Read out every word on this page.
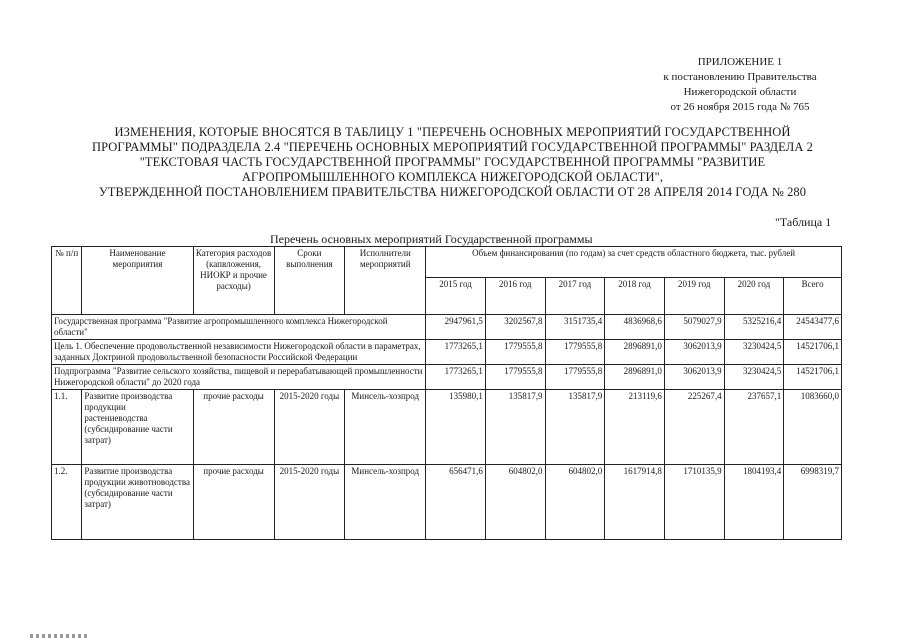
ПРИЛОЖЕНИЕ 1
к постановлению Правительства
Нижегородской области
от 26 ноября 2015 года № 765
ИЗМЕНЕНИЯ, КОТОРЫЕ ВНОСЯТСЯ В ТАБЛИЦУ 1 "ПЕРЕЧЕНЬ ОСНОВНЫХ МЕРОПРИЯТИЙ ГОСУДАРСТВЕННОЙ
ПРОГРАММЫ" ПОДРАЗДЕЛА 2.4 "ПЕРЕЧЕНЬ ОСНОВНЫХ МЕРОПРИЯТИЙ ГОСУДАРСТВЕННОЙ ПРОГРАММЫ" РАЗДЕЛА 2
"ТЕКСТОВАЯ ЧАСТЬ ГОСУДАРСТВЕННОЙ ПРОГРАММЫ" ГОСУДАРСТВЕННОЙ ПРОГРАММЫ "РАЗВИТИЕ
АГРОПРОМЫШЛЕННОГО КОМПЛЕКСА НИЖЕГОРОДСКОЙ ОБЛАСТИ",
УТВЕРЖДЕННОЙ ПОСТАНОВЛЕНИЕМ ПРАВИТЕЛЬСТВА НИЖЕГОРОДСКОЙ ОБЛАСТИ ОТ 28 АПРЕЛЯ 2014 ГОДА № 280
"Таблица 1
Перечень основных мероприятий Государственной программы
№ п/п	Наименование мероприятия	Категория расходов (капвложения, НИОКР и прочие расходы)	Сроки выполнения	Исполнители мероприятий	Объем финансирования (по годам) за счет средств областного бюджета, тыс. рублей						
					2015 год	2016 год	2017 год	2018 год	2019 год	2020 год	Всего
Государственная программа "Развитие агропромышленного комплекса Нижегородской области"					2947961,5	3202567,8	3151735,4	4836968,6	5079027,9	5325216,4	24543477,6
Цель 1. Обеспечение продовольственной независимости Нижегородской области в параметрах, заданных Доктриной продовольственной безопасности Российской Федерации					1773265,1	1779555,8	1779555,8	2896891,0	3062013,9	3230424,5	14521706,1
Подпрограмма "Развитие сельского хозяйства, пищевой и перерабатывающей промышленности Нижегородской области" до 2020 года					1773265,1	1779555,8	1779555,8	2896891,0	3062013,9	3230424,5	14521706,1
1.1.	Развитие производства продукции растениеводства (субсидирование части затрат)	прочие расходы	2015-2020 годы	Минсель-хозпрод	135980,1	135817,9	135817,9	213119,6	225267,4	237657,1	1083660,0
1.2.	Развитие производства продукции животноводства (субсидирование части затрат)	прочие расходы	2015-2020 годы	Минсель-хозпрод	656471,6	604802,0	604802,0	1617914,8	1710135,9	1804193,4	6998319,7
